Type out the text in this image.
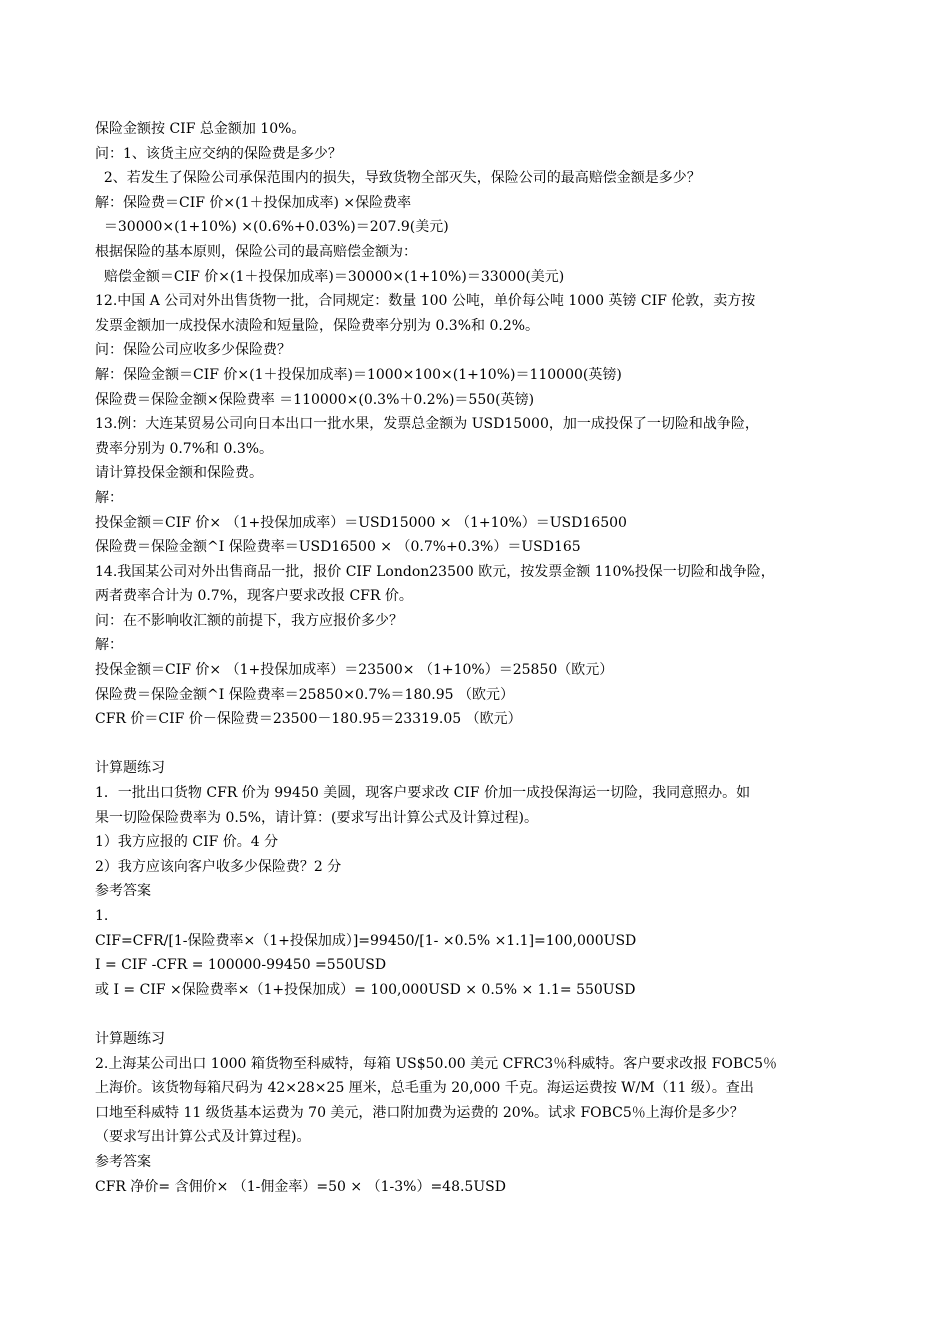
保险金额按 CIF 总金额加 10%。
问：1、该货主应交纳的保险费是多少？
2、若发生了保险公司承保范围内的损失，导致货物全部灭失，保险公司的最高赔偿金额是多少？
解：保险费＝CIF 价×(1＋投保加成率) ×保险费率
＝30000×(1+10%) ×(0.6%+0.03%)＝207.9(美元)
根据保险的基本原则，保险公司的最高赔偿金额为：
赔偿金额＝CIF 价×(1＋投保加成率)＝30000×(1+10%)＝33000(美元)
12.中国 A 公司对外出售货物一批，合同规定：数量 100 公吨，单价每公吨 1000 英镑 CIF 伦敦，卖方按
发票金额加一成投保水渍险和短量险，保险费率分别为 0.3%和 0.2%。
问：保险公司应收多少保险费？
解：保险金额＝CIF 价×(1＋投保加成率)＝1000×100×(1+10%)＝110000(英镑)
保险费＝保险金额×保险费率 ＝110000×(0.3%＋0.2%)＝550(英镑)
13.例：大连某贸易公司向日本出口一批水果，发票总金额为 USD15000，加一成投保了一切险和战争险，
费率分别为 0.7%和 0.3%。
请计算投保金额和保险费。
解：
投保金额＝CIF 价× （1+投保加成率）＝USD15000 × （1+10%）＝USD16500
保险费＝保险金额^I 保险费率＝USD16500 × （0.7%+0.3%）＝USD165
14.我国某公司对外出售商品一批，报价 CIF London23500 欧元，按发票金额 110%投保一切险和战争险，
两者费率合计为 0.7%，现客户要求改报 CFR 价。
问：在不影响收汇额的前提下，我方应报价多少？
解：
投保金额＝CIF 价× （1+投保加成率）＝23500× （1+10%）＝25850（欧元）
保险费＝保险金额^I 保险费率＝25850×0.7%＝180.95 （欧元）
CFR 价＝CIF 价－保险费＝23500－180.95＝23319.05 （欧元）
计算题练习
1．一批出口货物 CFR 价为 99450 美圆，现客户要求改 CIF 价加一成投保海运一切险，我同意照办。如
果一切险保险费率为 0.5%，请计算：(要求写出计算公式及计算过程)。
1）我方应报的 CIF 价。4 分
2）我方应该向客户收多少保险费？2 分
参考答案
1.
CIF=CFR/[1-保险费率×（1+投保加成）]=99450/[1- ×0.5% ×1.1]=100,000USD
I = CIF -CFR = 100000-99450 =550USD
或 I = CIF ×保险费率×（1+投保加成）= 100,000USD × 0.5% × 1.1= 550USD
计算题练习
2.上海某公司出口 1000 箱货物至科威特，每箱 US$50.00 美元 CFRC3％科威特。客户要求改报 FOBC5％
上海价。该货物每箱尺码为 42×28×25 厘米，总毛重为 20,000 千克。海运运费按 W/M（11 级）。查出
口地至科威特 11 级货基本运费为 70 美元，港口附加费为运费的 20%。试求 FOBC5％上海价是多少？
（要求写出计算公式及计算过程)。
参考答案
CFR 净价= 含佣价× （1-佣金率）=50 × （1-3%）=48.5USD
